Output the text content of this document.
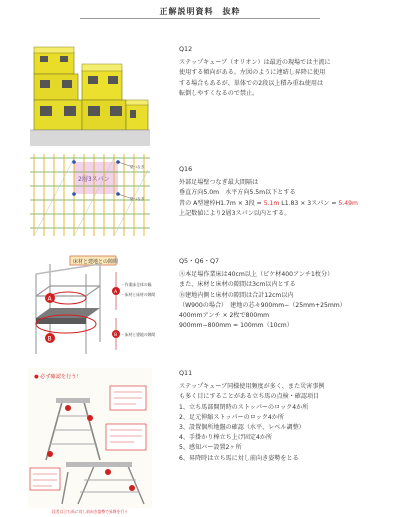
正解説明資料　抜粋
Q12
ステップキューブ（オリオン）は最近の現場では主流に
使用する傾向がある。左図のように連結し昇降に使用
する場合もあるが、単体での2段以上積み重ね使用は
転倒しやすくなるので禁止。
2層3スパン
壁つなぎ
壁つなぎ
Q16
外部足場壁つなぎ最大間隔は
垂直方向5.0m　水平方向5.5m以下とする
昔の A型建枠H1.7m × 3段 = 5.1m L1.83 × 3スパン = 5.49m
上記数値により2層3スパン以内とする。
床材と建地との隙間
A
B
A
・作業床全体の幅
・床材と床材の隙間
B ・床材と建地の隙間
Q5・Q6・Q7
Ⓐ本足場作業床は40cm以上（ピケ材400アンチ1枚分）
また、床材と床材の隙間は3cm以内とする
Ⓑ建地内側と床材の隙間は合計12cm以内
（W900の場合）　建地の芯々900mm−（25mm+25mm）
400mmアンチ × 2枚で800mm
900mm−800mm = 100mm（10cm）
● 必ず確認を行う！
段差は立ち馬に対し前向き姿勢で昇降を行う
Q11
ステップキューブ同様使用頻度が多く、また災害事例
も多く目にすることがある立ち馬の点検・確認項目
1、立ち馬部開閉時のストッパーのロック4か所
2、足元伸縮ストッパーのロック4か所
3、設置個所地盤の確認（水平、レベル調整）
4、手掛かり棒立ち上げ固定4か所
5、感知バー設置2ヶ所
6、昇降時は立ち馬に対し前向き姿勢をとる
